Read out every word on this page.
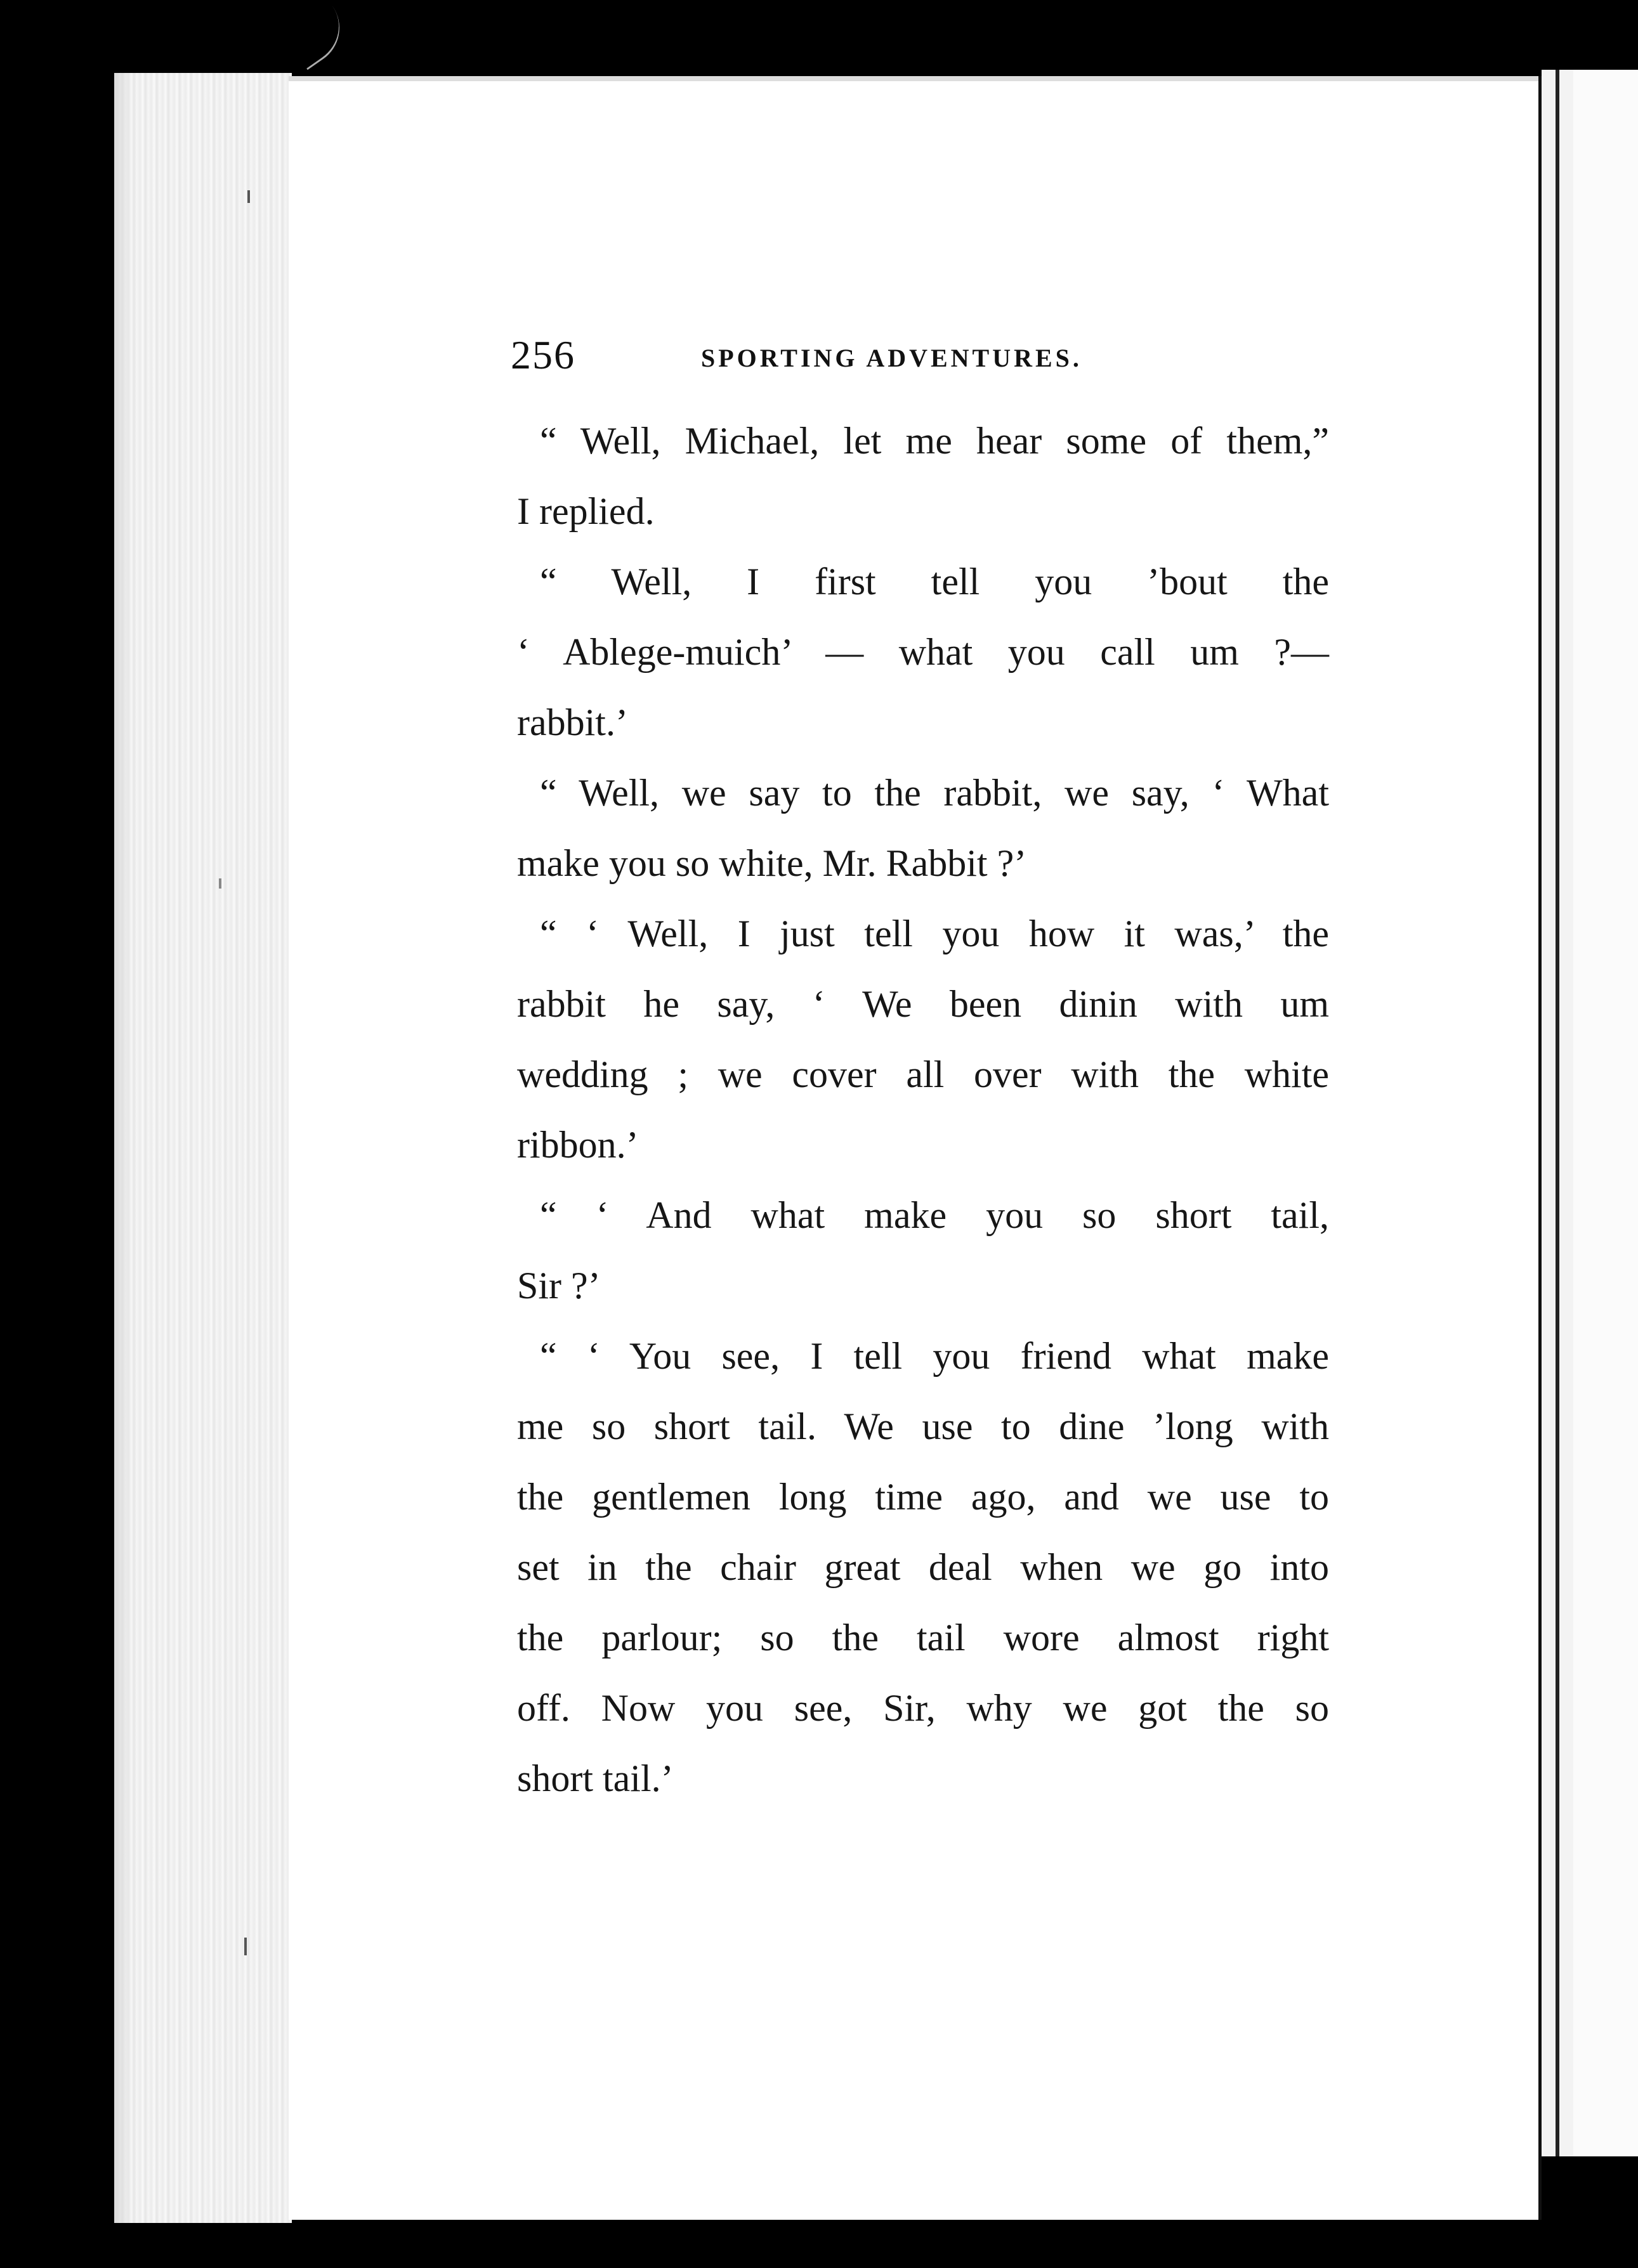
256	SPORTING ADVENTURES.
“ Well, Michael, let me hear some of them,”
I replied.
“ Well, I first tell you ’bout the
‘ Ablege-muich’ — what you call um ?—
rabbit.’
“ Well, we say to the rabbit, we say, ‘ What
make you so white, Mr. Rabbit ?’
“ ‘ Well, I just tell you how it was,’ the
rabbit he say, ‘ We been dinin with um
wedding ; we cover all over with the white
ribbon.’
“ ‘ And what make you so short tail,
Sir ?’
“ ‘ You see, I tell you friend what make
me so short tail. We use to dine ’long with
the gentlemen long time ago, and we use to
set in the chair great deal when we go into
the parlour; so the tail wore almost right
off. Now you see, Sir, why we got the so
short tail.’
